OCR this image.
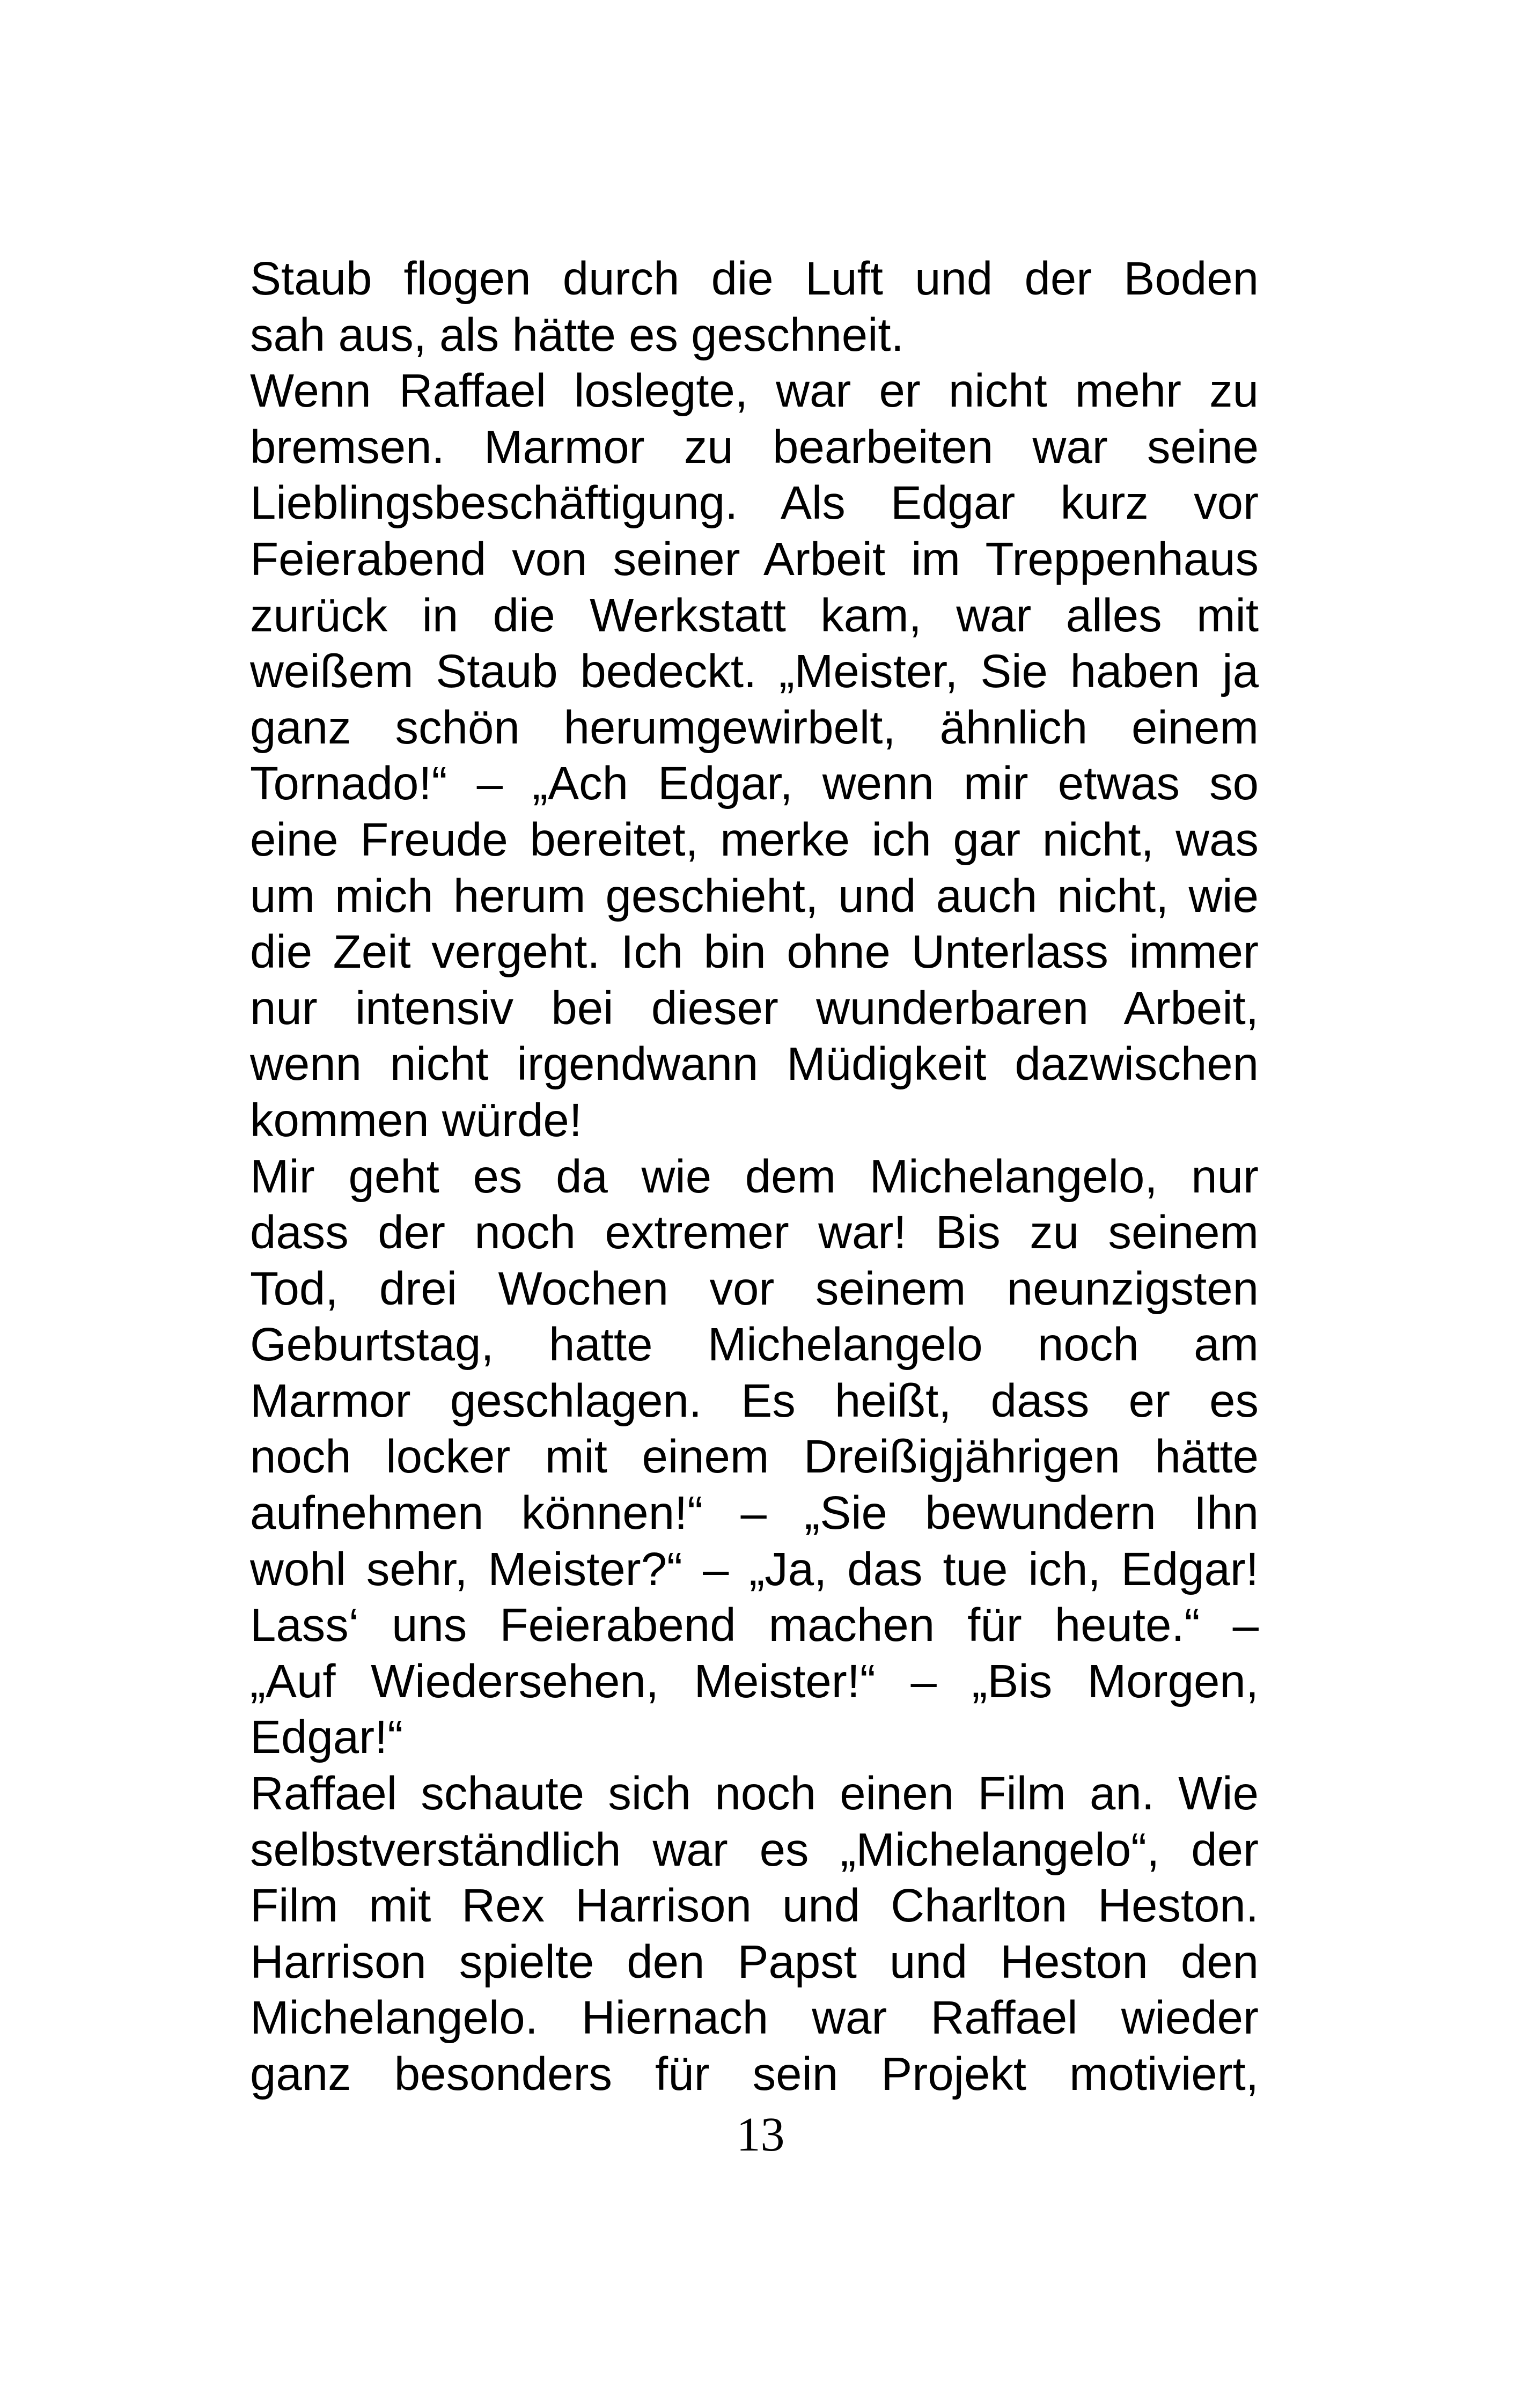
Staub flogen durch die Luft und der Boden
sah aus, als hätte es geschneit.
Wenn Raffael loslegte, war er nicht mehr zu
bremsen. Marmor zu bearbeiten war seine
Lieblingsbeschäftigung. Als Edgar kurz vor
Feierabend von seiner Arbeit im Treppenhaus
zurück in die Werkstatt kam, war alles mit
weißem Staub bedeckt. „Meister, Sie haben ja
ganz schön herumgewirbelt, ähnlich einem
Tornado!“ – „Ach Edgar, wenn mir etwas so
eine Freude bereitet, merke ich gar nicht, was
um mich herum geschieht, und auch nicht, wie
die Zeit vergeht. Ich bin ohne Unterlass immer
nur intensiv bei dieser wunderbaren Arbeit,
wenn nicht irgendwann Müdigkeit dazwischen
kommen würde!
Mir geht es da wie dem Michelangelo, nur
dass der noch extremer war! Bis zu seinem
Tod, drei Wochen vor seinem neunzigsten
Geburtstag, hatte Michelangelo noch am
Marmor geschlagen. Es heißt, dass er es
noch locker mit einem Dreißigjährigen hätte
aufnehmen können!“ – „Sie bewundern Ihn
wohl sehr, Meister?“ – „Ja, das tue ich, Edgar!
Lass‘ uns Feierabend machen für heute.“ –
„Auf Wiedersehen, Meister!“ – „Bis Morgen,
Edgar!“
Raffael schaute sich noch einen Film an. Wie
selbstverständlich war es „Michelangelo“, der
Film mit Rex Harrison und Charlton Heston.
Harrison spielte den Papst und Heston den
Michelangelo. Hiernach war Raffael wieder
ganz besonders für sein Projekt motiviert,
13
